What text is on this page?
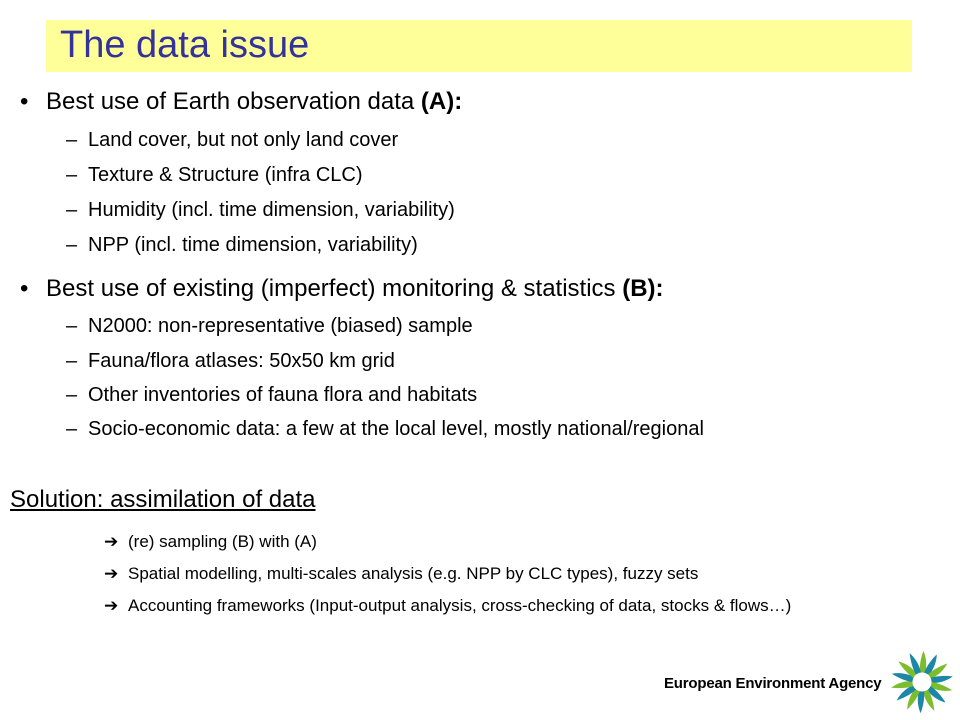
The data issue
• Best use of Earth observation data (A):
– Land cover, but not only land cover
– Texture & Structure (infra CLC)
– Humidity (incl. time dimension, variability)
– NPP (incl. time dimension, variability)
• Best use of existing (imperfect) monitoring & statistics (B):
– N2000: non-representative (biased) sample
– Fauna/flora atlases: 50x50 km grid
– Other inventories of fauna flora and habitats
– Socio-economic data: a few at the local level, mostly national/regional
Solution: assimilation of data
➔ (re) sampling (B) with (A)
➔ Spatial modelling, multi-scales analysis (e.g. NPP by CLC types), fuzzy sets
➔ Accounting frameworks (Input-output analysis, cross-checking of data, stocks & flows…)
European Environment Agency
